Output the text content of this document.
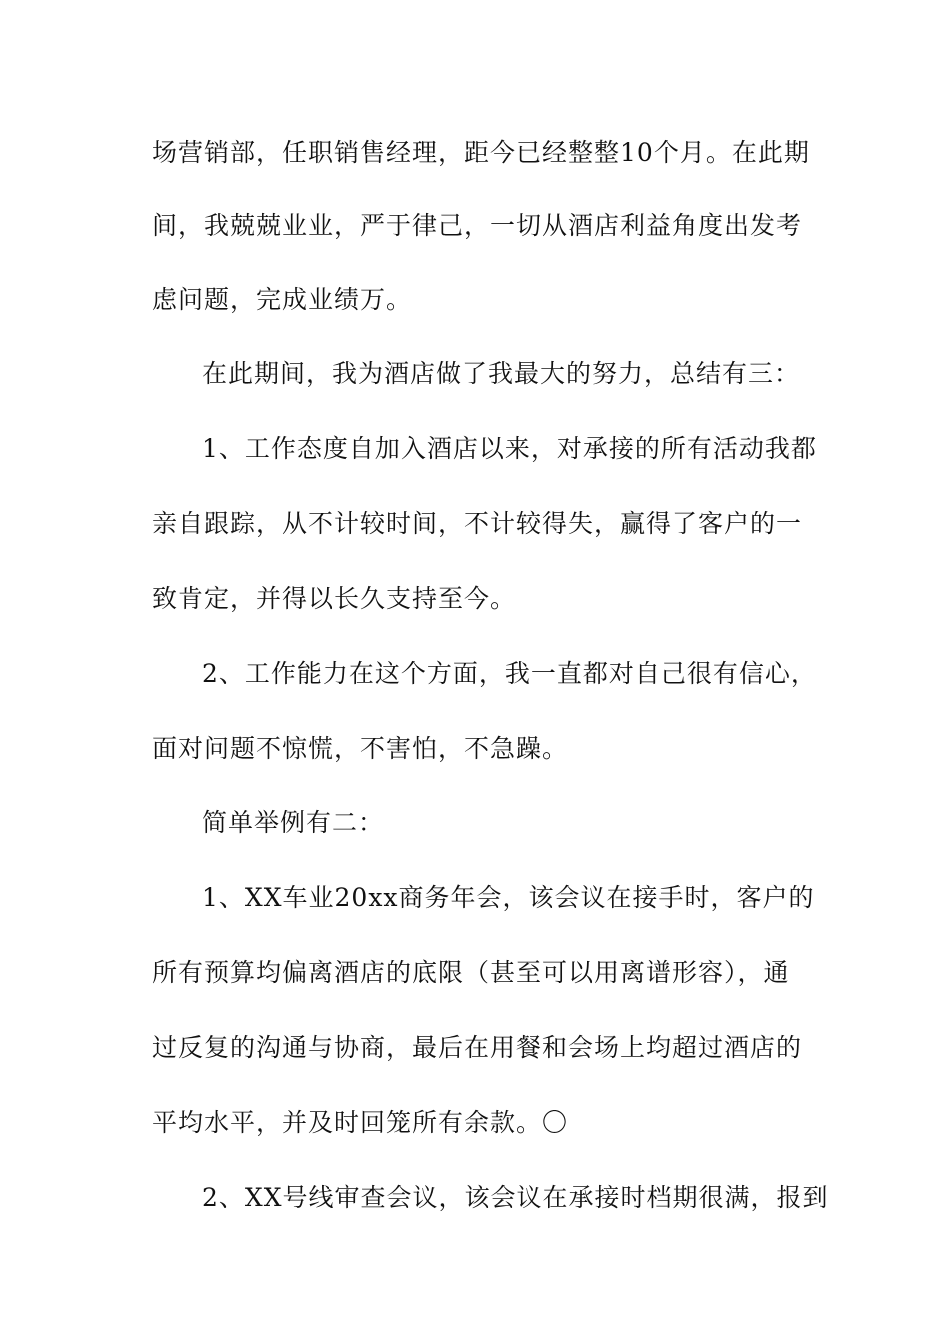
场营销部，任职销售经理，距今已经整整10个月。在此期
间，我兢兢业业，严于律己，一切从酒店利益角度出发考
虑问题，完成业绩万。
在此期间，我为酒店做了我最大的努力，总结有三：
1、工作态度自加入酒店以来，对承接的所有活动我都
亲自跟踪，从不计较时间，不计较得失，赢得了客户的一
致肯定，并得以长久支持至今。
2、工作能力在这个方面，我一直都对自己很有信心，
面对问题不惊慌，不害怕，不急躁。
简单举例有二：
1、XX车业20xx商务年会，该会议在接手时，客户的
所有预算均偏离酒店的底限（甚至可以用离谱形容），通
过反复的沟通与协商，最后在用餐和会场上均超过酒店的
平均水平，并及时回笼所有余款。〇
2、XX号线审查会议，该会议在承接时档期很满，报到
